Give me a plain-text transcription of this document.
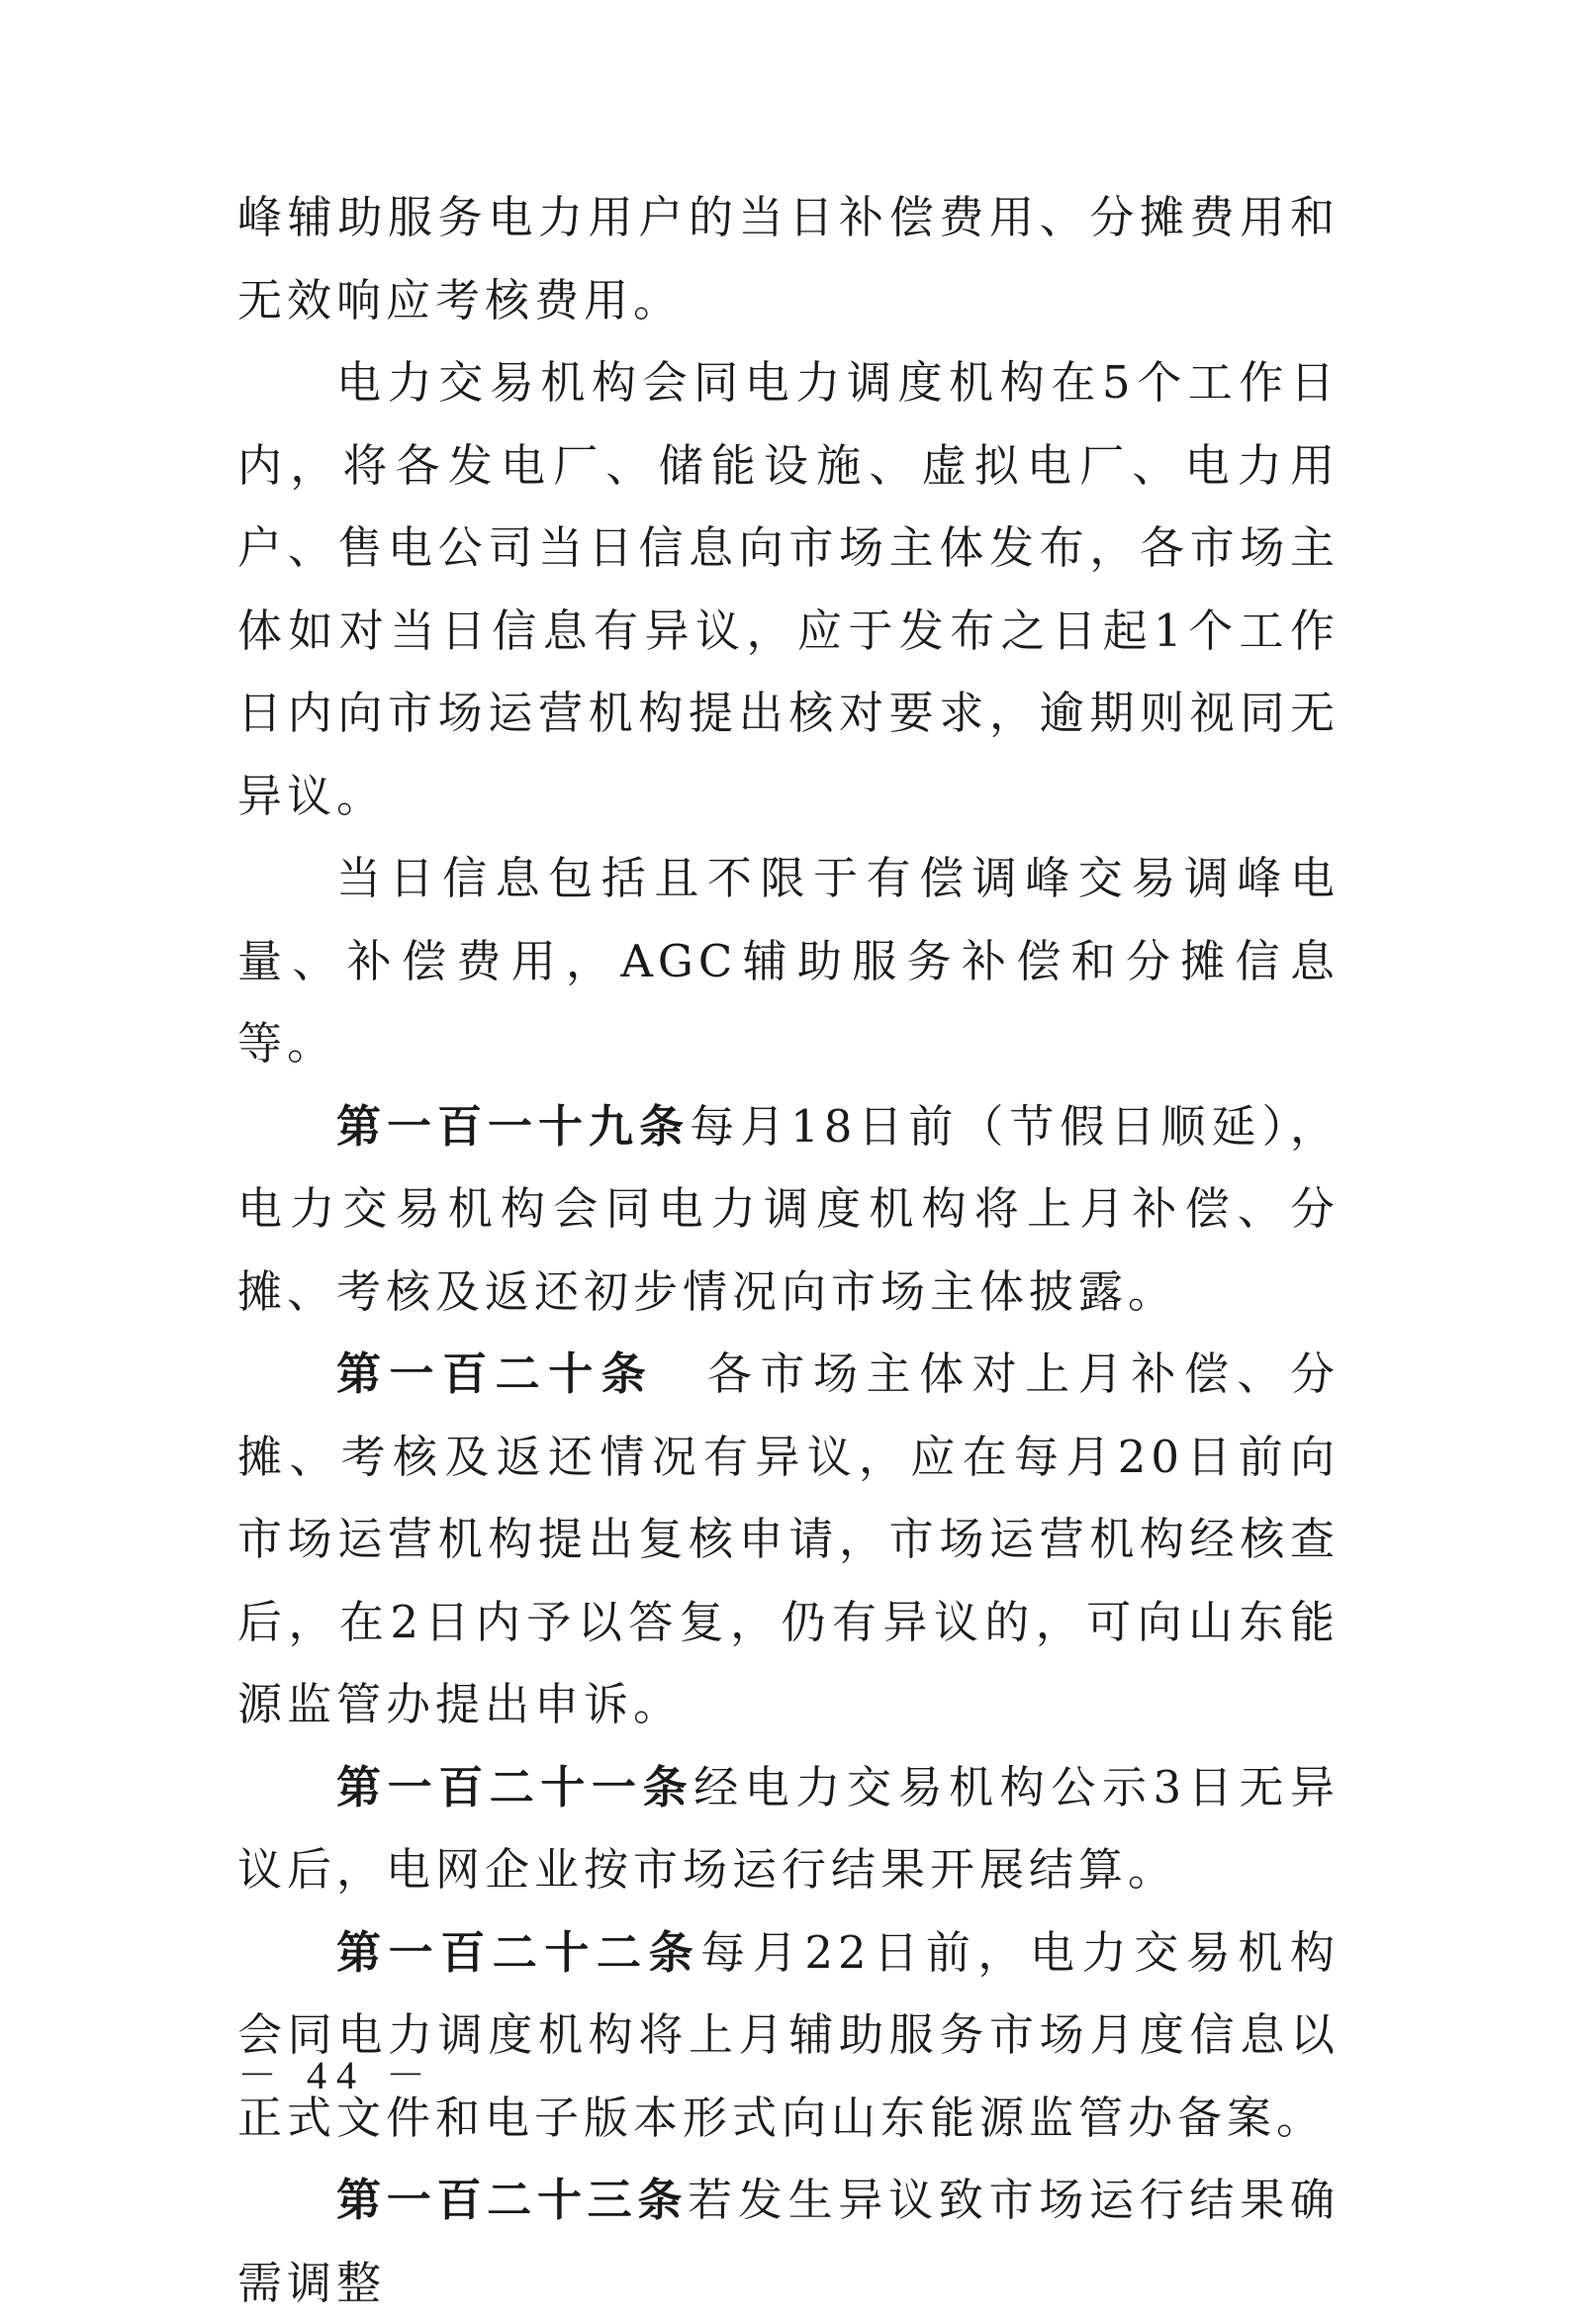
峰辅助服务电力用户的当日补偿费用、分摊费用和无效响应考核费用。

电力交易机构会同电力调度机构在5个工作日内，将各发电厂、储能设施、虚拟电厂、电力用户、售电公司当日信息向市场主体发布，各市场主体如对当日信息有异议，应于发布之日起1个工作日内向市场运营机构提出核对要求，逾期则视同无异议。

当日信息包括且不限于有偿调峰交易调峰电量、补偿费用，AGC辅助服务补偿和分摊信息等。

第一百一十九条每月18日前（节假日顺延），电力交易机构会同电力调度机构将上月补偿、分摊、考核及返还初步情况向市场主体披露。

第一百二十条　各市场主体对上月补偿、分摊、考核及返还情况有异议，应在每月20日前向市场运营机构提出复核申请，市场运营机构经核查后，在2日内予以答复，仍有异议的，可向山东能源监管办提出申诉。

第一百二十一条经电力交易机构公示3日无异议后，电网企业按市场运行结果开展结算。

第一百二十二条每月22日前，电力交易机构会同电力调度机构将上月辅助服务市场月度信息以正式文件和电子版本形式向山东能源监管办备案。

第一百二十三条若发生异议致市场运行结果确需调整

－ 44 －
